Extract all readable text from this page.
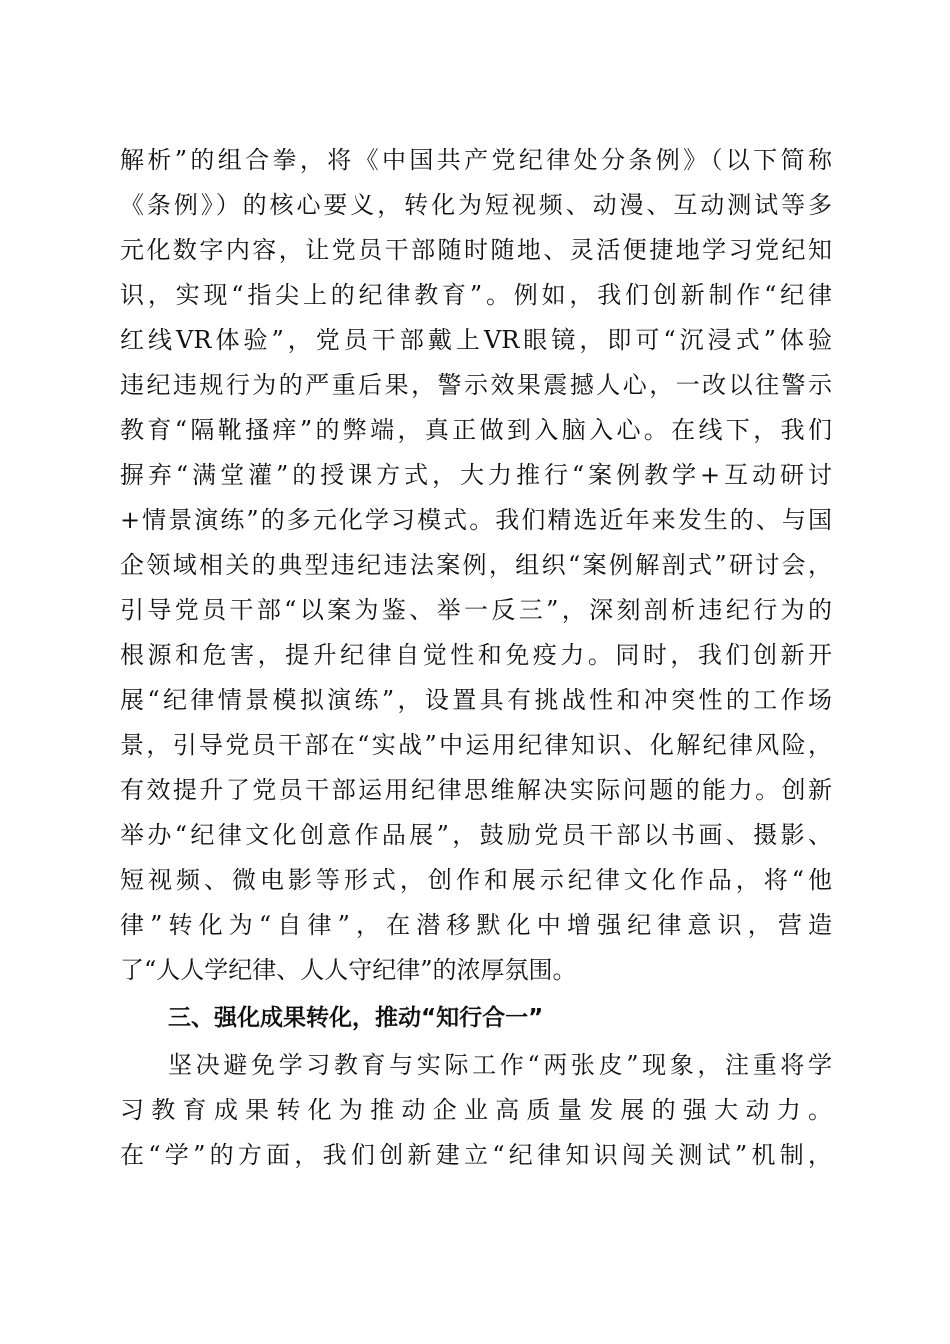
解析”的组合拳，将《中国共产党纪律处分条例》（以下简称
《条例》）的核心要义，转化为短视频、动漫、互动测试等多
元化数字内容，让党员干部随时随地、灵活便捷地学习党纪知
识，实现“指尖上的纪律教育”。例如，我们创新制作“纪律
红线VR体验”，党员干部戴上VR眼镜，即可“沉浸式”体验
违纪违规行为的严重后果，警示效果震撼人心，一改以往警示
教育“隔靴搔痒”的弊端，真正做到入脑入心。在线下，我们
摒弃“满堂灌”的授课方式，大力推行“案例教学+互动研讨
+情景演练”的多元化学习模式。我们精选近年来发生的、与国
企领域相关的典型违纪违法案例，组织“案例解剖式”研讨会，
引导党员干部“以案为鉴、举一反三”，深刻剖析违纪行为的
根源和危害，提升纪律自觉性和免疫力。同时，我们创新开
展“纪律情景模拟演练”，设置具有挑战性和冲突性的工作场
景，引导党员干部在“实战”中运用纪律知识、化解纪律风险，
有效提升了党员干部运用纪律思维解决实际问题的能力。创新
举办“纪律文化创意作品展”，鼓励党员干部以书画、摄影、
短视频、微电影等形式，创作和展示纪律文化作品，将“他
律”转化为“自律”，在潜移默化中增强纪律意识，营造
了“人人学纪律、人人守纪律”的浓厚氛围。
三、强化成果转化，推动“知行合一”
坚决避免学习教育与实际工作“两张皮”现象，注重将学
习教育成果转化为推动企业高质量发展的强大动力。
在“学”的方面，我们创新建立“纪律知识闯关测试”机制，
